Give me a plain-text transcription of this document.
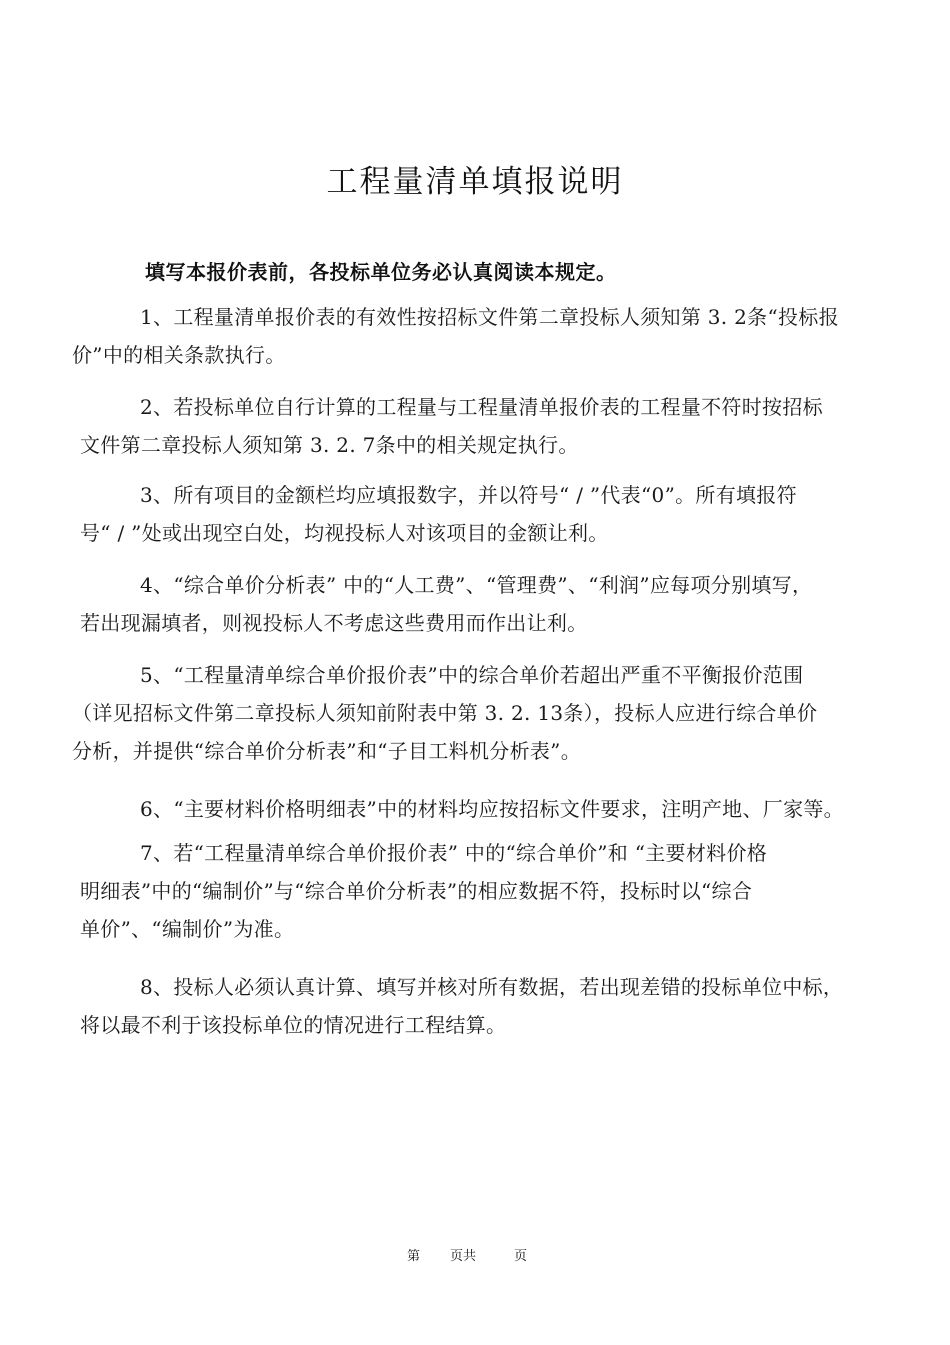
工程量清单填报说明
填写本报价表前，各投标单位务必认真阅读本规定。
1、工程量清单报价表的有效性按招标文件第二章投标人须知第 3. 2条“投标报
价”中的相关条款执行。
2、若投标单位自行计算的工程量与工程量清单报价表的工程量不符时按招标
文件第二章投标人须知第 3. 2. 7条中的相关规定执行。
3、所有项目的金额栏均应填报数字，并以符号“ / ”代表“0”。所有填报符
号“ / ”处或出现空白处，均视投标人对该项目的金额让利。
4、“综合单价分析表” 中的“人工费”、“管理费”、“利润”应每项分别填写，
若出现漏填者，则视投标人不考虑这些费用而作出让利。
5、“工程量清单综合单价报价表”中的综合单价若超出严重不平衡报价范围
（详见招标文件第二章投标人须知前附表中第 3. 2. 13条），投标人应进行综合单价
分析，并提供“综合单价分析表”和“子目工料机分析表”。
6、“主要材料价格明细表”中的材料均应按招标文件要求，注明产地、厂家等。
7、若“工程量清单综合单价报价表” 中的“综合单价”和 “主要材料价格
明细表”中的“编制价”与“综合单价分析表”的相应数据不符，投标时以“综合
单价”、“编制价”为准。
8、投标人必须认真计算、填写并核对所有数据，若出现差错的投标单位中标，
将以最不利于该投标单位的情况进行工程结算。
第 页共	页
